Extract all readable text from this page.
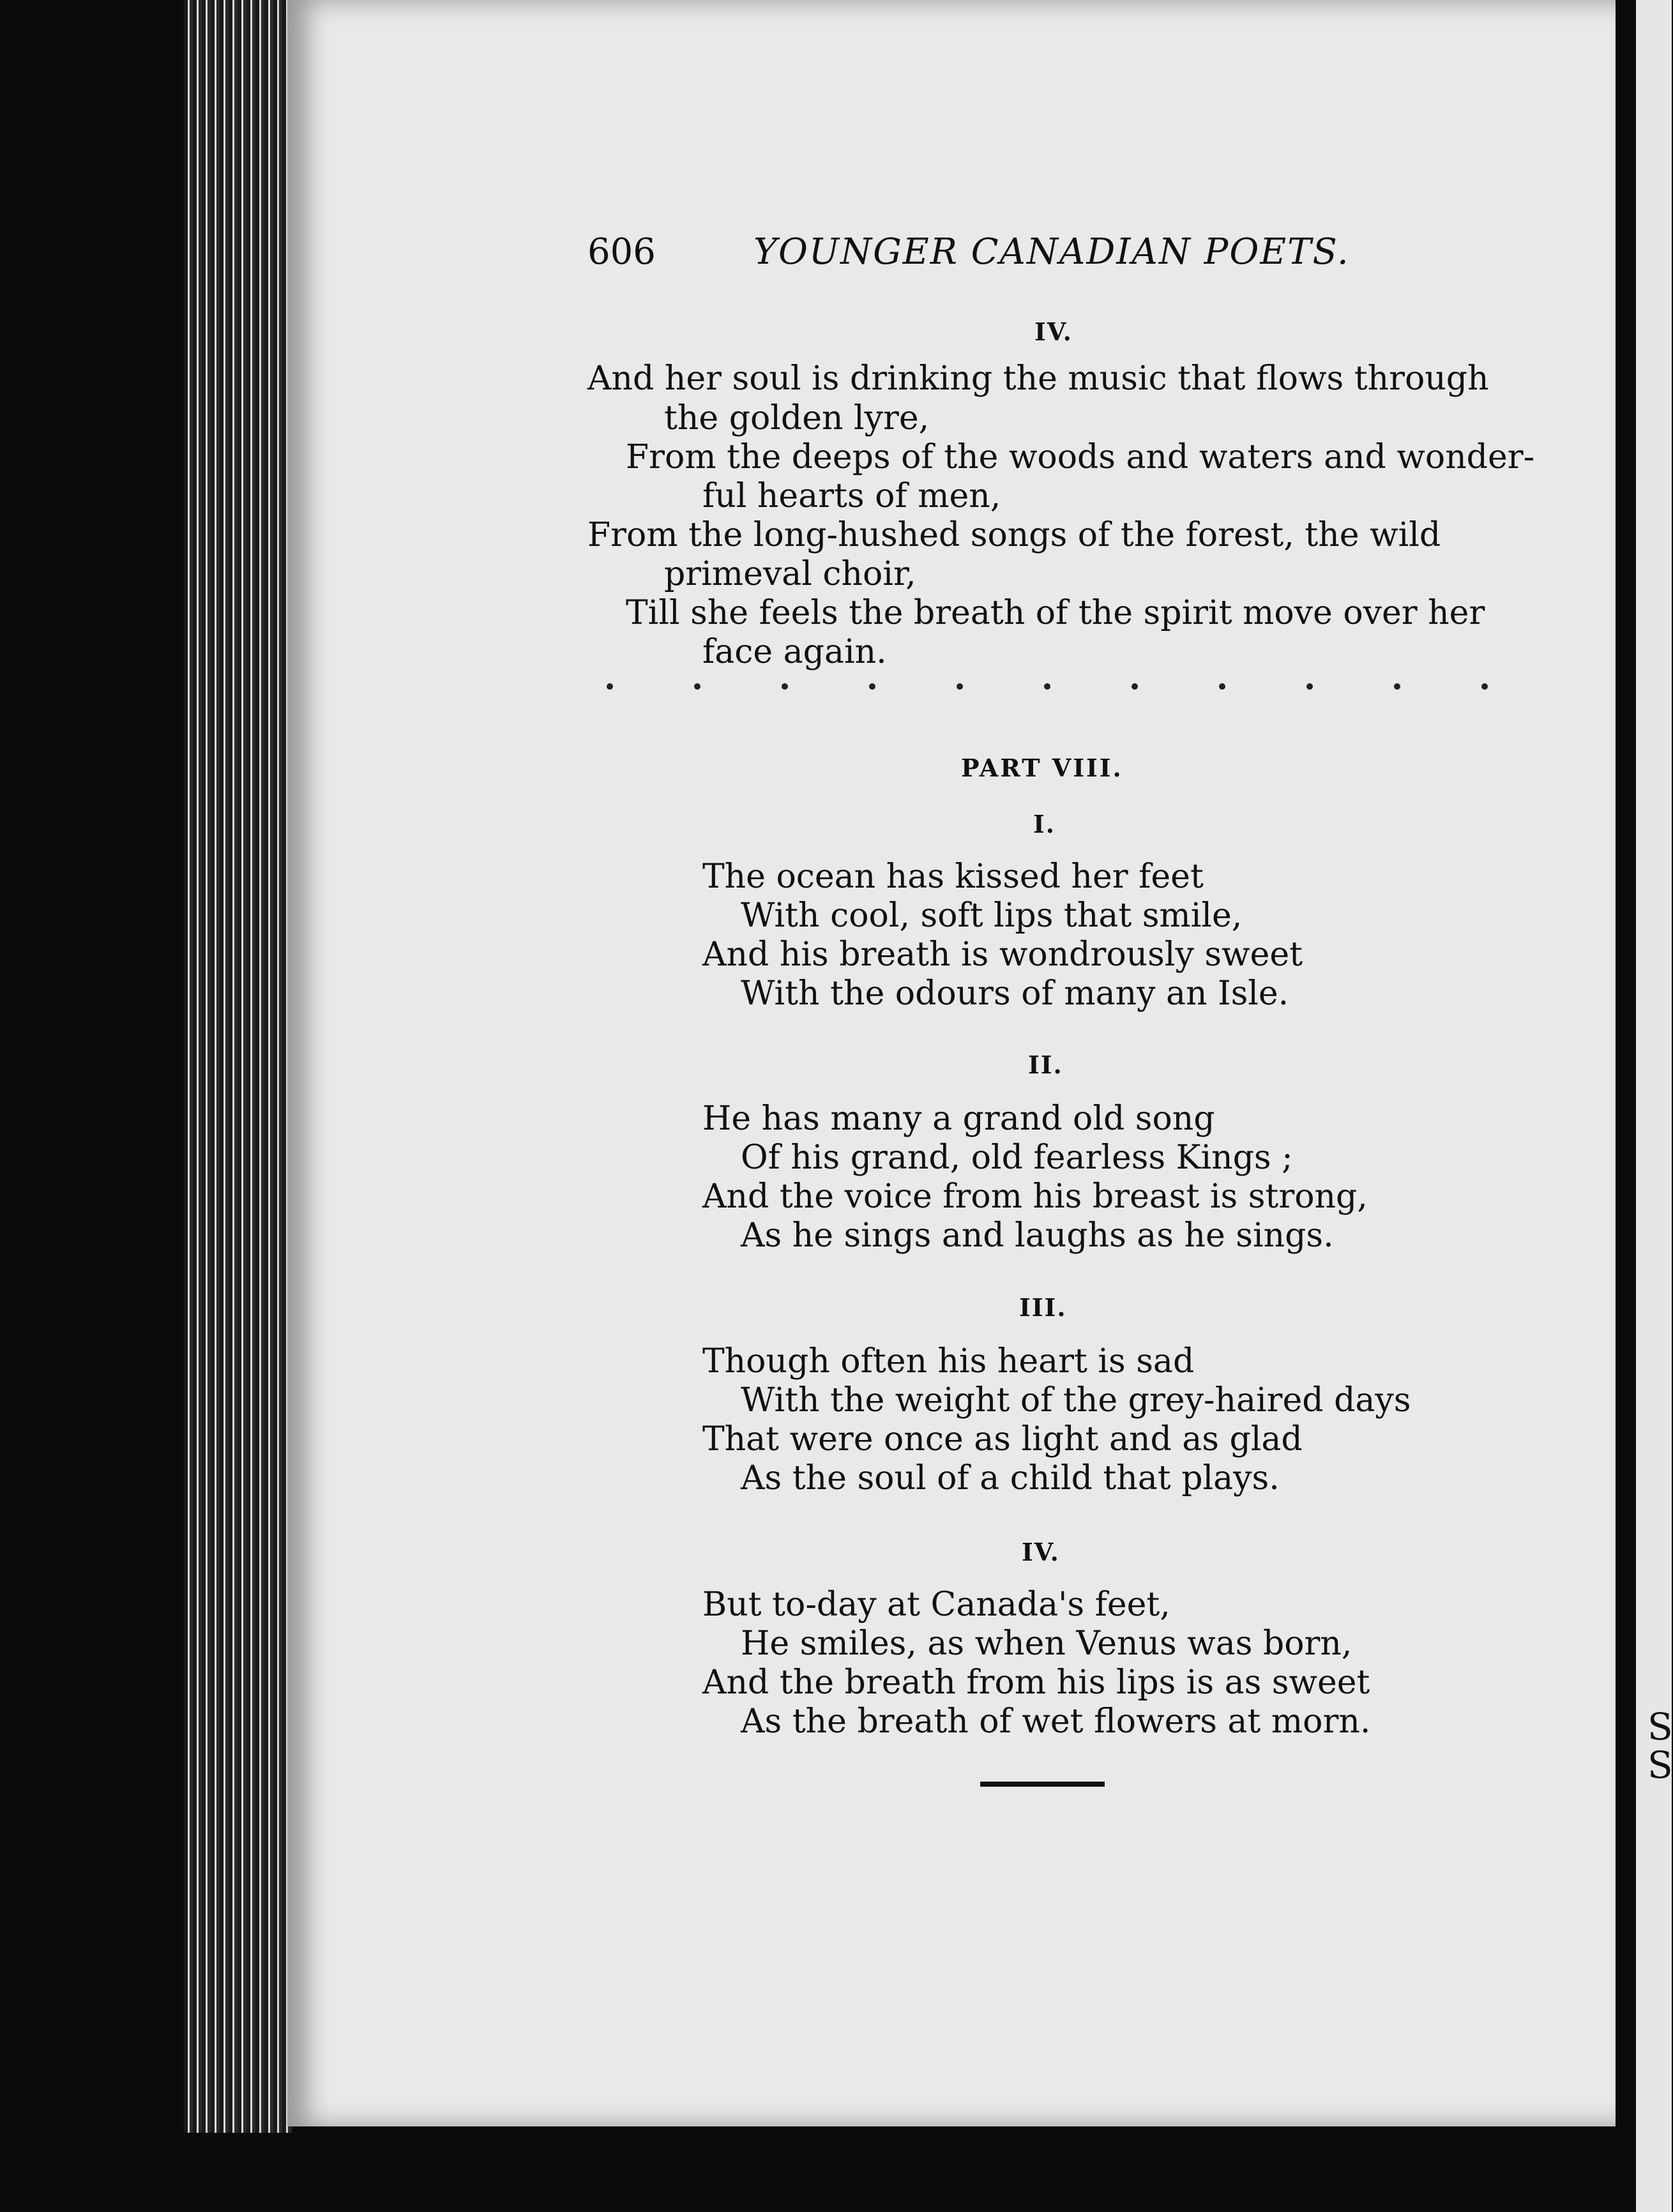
S
S
606	YOUNGER CANADIAN POETS.
IV.
And her soul is drinking the music that flows through
the golden lyre,
From the deeps of the woods and waters and wonder-
ful hearts of men,
From the long-hushed songs of the forest, the wild
primeval choir,
Till she feels the breath of the spirit move over her
face again.
PART VIII.
I.
The ocean has kissed her feet
With cool, soft lips that smile,
And his breath is wondrously sweet
With the odours of many an Isle.
II.
He has many a grand old song
Of his grand, old fearless Kings ;
And the voice from his breast is strong,
As he sings and laughs as he sings.
III.
Though often his heart is sad
With the weight of the grey-haired days
That were once as light and as glad
As the soul of a child that plays.
IV.
But to-day at Canada's feet,
He smiles, as when Venus was born,
And the breath from his lips is as sweet
As the breath of wet flowers at morn.
